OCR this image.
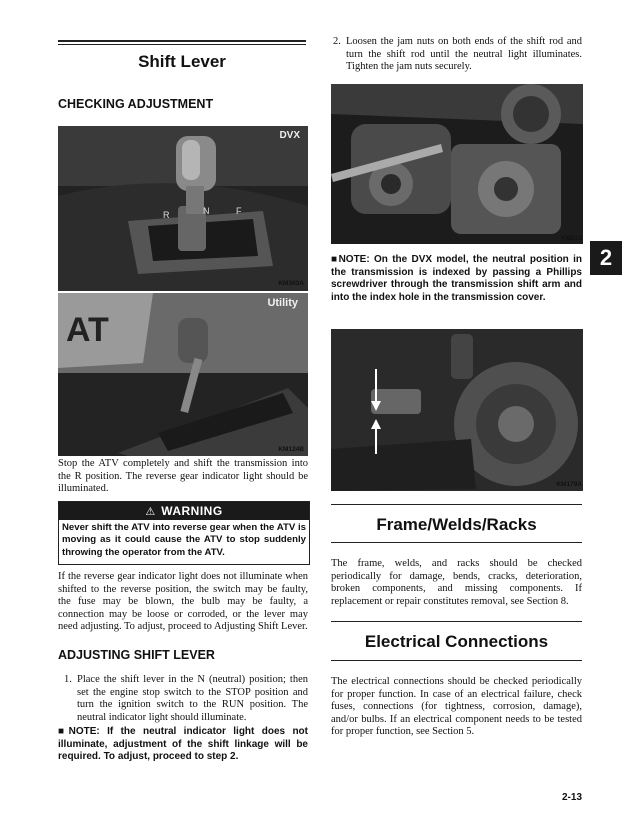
Shift Lever
CHECKING ADJUSTMENT
R	N	F
DVX
KM363A
AT
Utility
KM124B
Stop the ATV completely and shift the transmission into the R position. The reverse gear indicator light should be illuminated.
⚠ WARNING
Never shift the ATV into reverse gear when the ATV is moving as it could cause the ATV to stop suddenly throwing the operator from the ATV.
If the reverse gear indicator light does not illuminate when shifted to the reverse position, the switch may be faulty, the fuse may be blown, the bulb may be faulty, a connection may be loose or corroded, or the lever may need adjusting. To adjust, proceed to Adjusting Shift Lever.
ADJUSTING SHIFT LEVER
1. Place the shift lever in the N (neutral) position; then set the engine stop switch to the STOP position and turn the ignition switch to the RUN position. The neutral indicator light should illuminate.
■NOTE: If the neutral indicator light does not illuminate, adjustment of the shift linkage will be required. To adjust, proceed to step 2.
2. Loosen the jam nuts on both ends of the shift rod and turn the shift rod until the neutral light illuminates. Tighten the jam nuts securely.
KM313
■NOTE: On the DVX model, the neutral position in the transmission is indexed by passing a Phillips screwdriver through the transmission shift arm and into the index hole in the transmission cover.
KM179A
Frame/Welds/Racks
The frame, welds, and racks should be checked periodically for damage, bends, cracks, deterioration, broken components, and missing components. If replacement or repair constitutes removal, see Section 8.
Electrical Connections
The electrical connections should be checked periodically for proper function. In case of an electrical failure, check fuses, connections (for tightness, corrosion, damage), and/or bulbs. If an electrical component needs to be tested for proper function, see Section 5.
2
2-13
